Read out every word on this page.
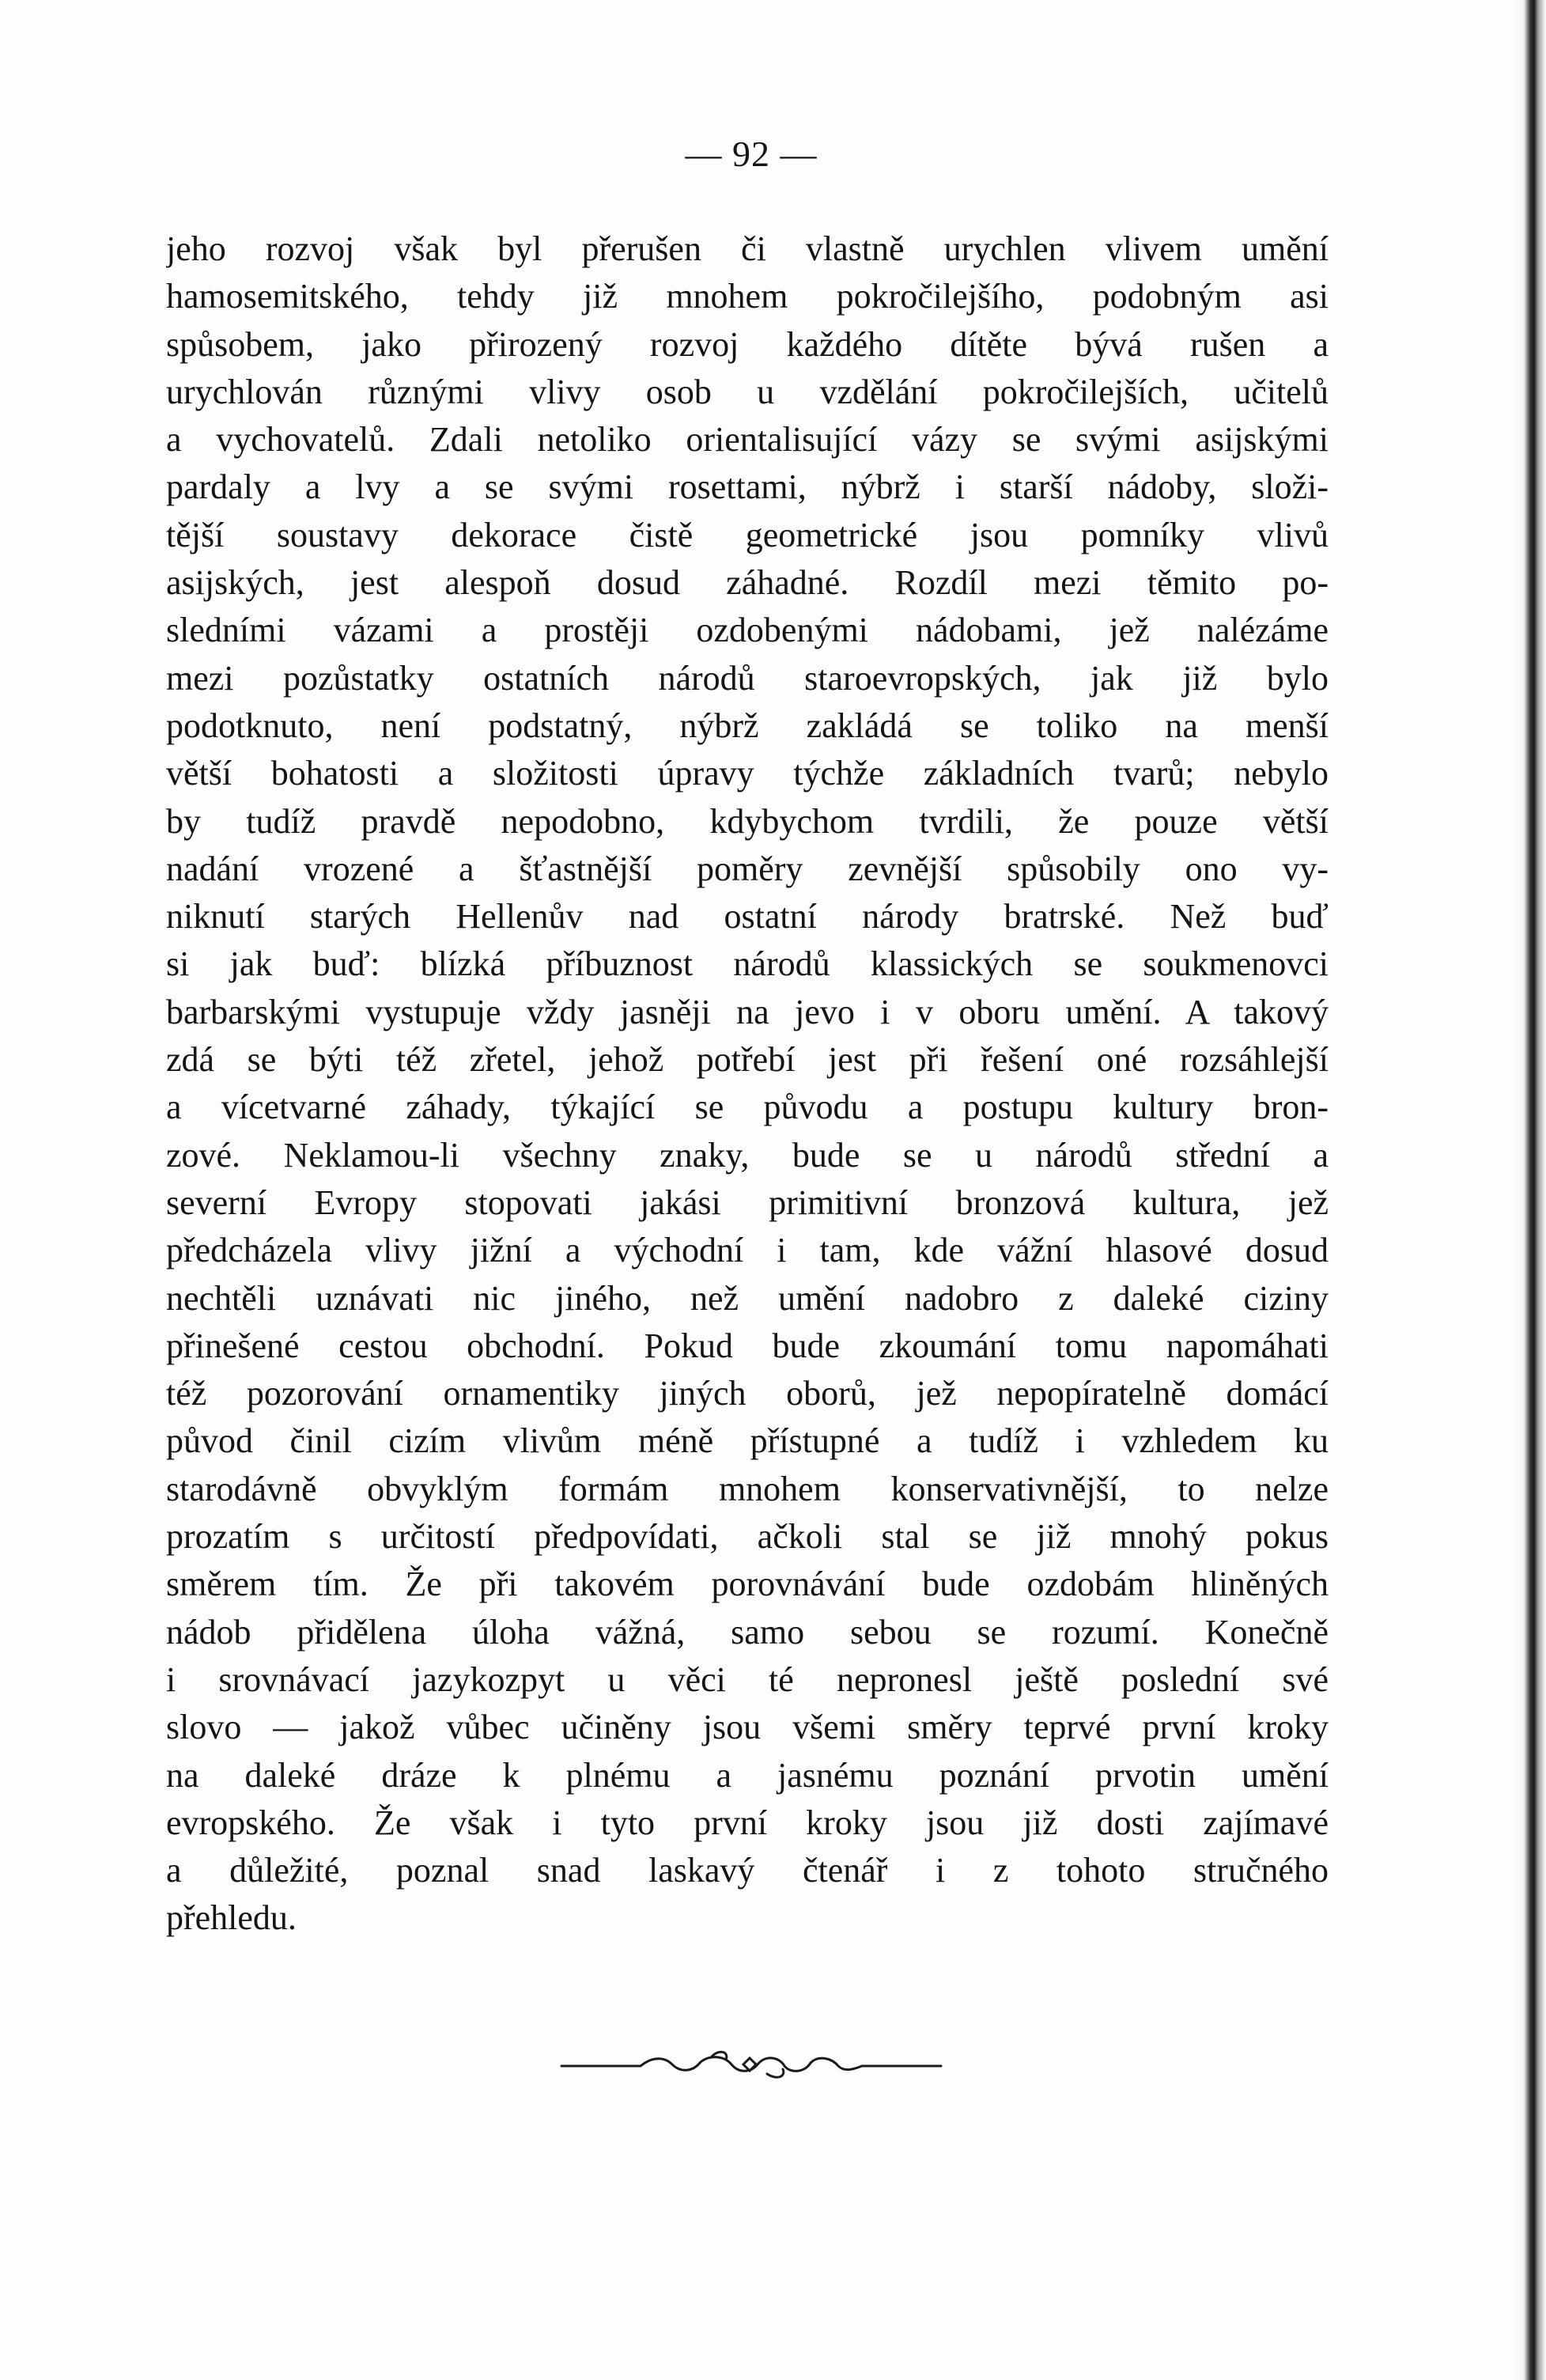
— 92 —
jeho rozvoj však byl přerušen či vlastně urychlen vlivem umění
hamosemitského, tehdy již mnohem pokročilejšího, podobným asi
spůsobem, jako přirozený rozvoj každého dítěte bývá rušen a
urychlován různými vlivy osob u vzdělání pokročilejších, učitelů
a vychovatelů. Zdali netoliko orientalisující vázy se svými asijskými
pardaly a lvy a se svými rosettami, nýbrž i starší nádoby, složi-
tější soustavy dekorace čistě geometrické jsou pomníky vlivů
asijských, jest alespoň dosud záhadné. Rozdíl mezi těmito po-
sledními vázami a prostěji ozdobenými nádobami, jež nalézáme
mezi pozůstatky ostatních národů staroevropských, jak již bylo
podotknuto, není podstatný, nýbrž zakládá se toliko na menší
větší bohatosti a složitosti úpravy týchže základních tvarů; nebylo
by tudíž pravdě nepodobno, kdybychom tvrdili, že pouze větší
nadání vrozené a šťastnější poměry zevnější spůsobily ono vy-
niknutí starých Hellenův nad ostatní národy bratrské. Než buď
si jak buď: blízká příbuznost národů klassických se soukmenovci
barbarskými vystupuje vždy jasněji na jevo i v oboru umění. A takový
zdá se býti též zřetel, jehož potřebí jest při řešení oné rozsáhlejší
a vícetvarné záhady, týkající se původu a postupu kultury bron-
zové. Neklamou-li všechny znaky, bude se u národů střední a
severní Evropy stopovati jakási primitivní bronzová kultura, jež
předcházela vlivy jižní a východní i tam, kde vážní hlasové dosud
nechtěli uznávati nic jiného, než umění nadobro z daleké ciziny
přinešené cestou obchodní. Pokud bude zkoumání tomu napomáhati
též pozorování ornamentiky jiných oborů, jež nepopíratelně domácí
původ činil cizím vlivům méně přístupné a tudíž i vzhledem ku
starodávně obvyklým formám mnohem konservativnější, to nelze
prozatím s určitostí předpovídati, ačkoli stal se již mnohý pokus
směrem tím. Že při takovém porovnávání bude ozdobám hliněných
nádob přidělena úloha vážná, samo sebou se rozumí. Konečně
i srovnávací jazykozpyt u věci té nepronesl ještě poslední své
slovo — jakož vůbec učiněny jsou všemi směry teprvé první kroky
na daleké dráze k plnému a jasnému poznání prvotin umění
evropského. Že však i tyto první kroky jsou již dosti zajímavé
a důležité, poznal snad laskavý čtenář i z tohoto stručného
přehledu.
